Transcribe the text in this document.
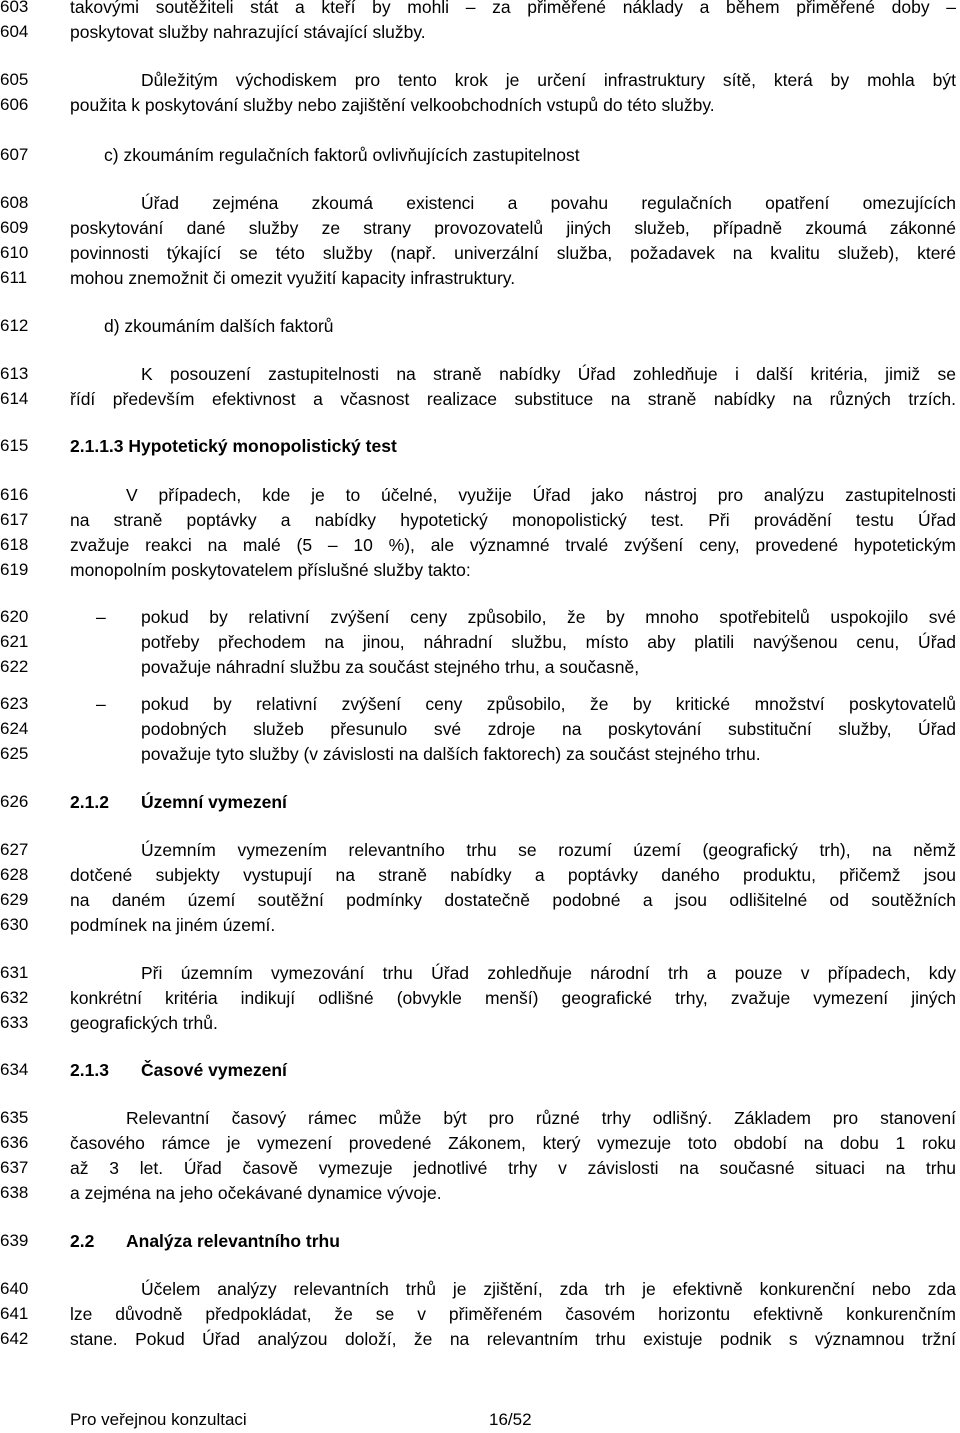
603
604
605
606
607
608
609
610
611
612
613
614
615
616
617
618
619
620
621
622
623
624
625
626
627
628
629
630
631
632
633
634
635
636
637
638
639
640
641
642
takovými soutěžiteli stát a kteří by mohli – za přiměřené náklady a během přiměřené doby –
poskytovat služby nahrazující stávající služby.
Důležitým východiskem pro tento krok je určení infrastruktury sítě, která by mohla být
použita k poskytování služby nebo zajištění velkoobchodních vstupů do této služby.
c) zkoumáním regulačních faktorů ovlivňujících zastupitelnost
Úřad zejména zkoumá existenci a povahu regulačních opatření omezujících
poskytování dané služby ze strany provozovatelů jiných služeb, případně zkoumá zákonné
povinnosti týkající se této služby (např. univerzální služba, požadavek na kvalitu služeb), které
mohou znemožnit či omezit využití kapacity infrastruktury.
d) zkoumáním dalších faktorů
K posouzení zastupitelnosti na straně nabídky Úřad zohledňuje i další kritéria, jimiž se
řídí především efektivnost a včasnost realizace substituce na straně nabídky na různých trzích.
2.1.1.3 Hypotetický monopolistický test
V případech, kde je to účelné, využije Úřad jako nástroj pro analýzu zastupitelnosti
na straně poptávky a nabídky hypotetický monopolistický test. Při provádění testu Úřad
zvažuje reakci na malé (5 – 10 %), ale významné trvalé zvýšení ceny, provedené hypotetickým
monopolním poskytovatelem příslušné služby takto:
– pokud by relativní zvýšení ceny způsobilo, že by mnoho spotřebitelů uspokojilo své
potřeby přechodem na jinou, náhradní službu, místo aby platili navýšenou cenu, Úřad
považuje náhradní službu za součást stejného trhu, a současně,
– pokud by relativní zvýšení ceny způsobilo, že by kritické množství poskytovatelů
podobných služeb přesunulo své zdroje na poskytování substituční služby, Úřad
považuje tyto služby (v závislosti na dalších faktorech) za součást stejného trhu.
2.1.2 Územní vymezení
Územním vymezením relevantního trhu se rozumí území (geografický trh), na němž
dotčené subjekty vystupují na straně nabídky a poptávky daného produktu, přičemž jsou
na daném území soutěžní podmínky dostatečně podobné a jsou odlišitelné od soutěžních
podmínek na jiném území.
Při územním vymezování trhu Úřad zohledňuje národní trh a pouze v případech, kdy
konkrétní kritéria indikují odlišné (obvykle menší) geografické trhy, zvažuje vymezení jiných
geografických trhů.
2.1.3 Časové vymezení
Relevantní časový rámec může být pro různé trhy odlišný. Základem pro stanovení
časového rámce je vymezení provedené Zákonem, který vymezuje toto období na dobu 1 roku
až 3 let. Úřad časově vymezuje jednotlivé trhy v závislosti na současné situaci na trhu
a zejména na jeho očekávané dynamice vývoje.
2.2 Analýza relevantního trhu
Účelem analýzy relevantních trhů je zjištění, zda trh je efektivně konkurenční nebo zda
lze důvodně předpokládat, že se v přiměřeném časovém horizontu efektivně konkurenčním
stane. Pokud Úřad analýzou doloží, že na relevantním trhu existuje podnik s významnou tržní
Pro veřejnou konzultaci	16/52
